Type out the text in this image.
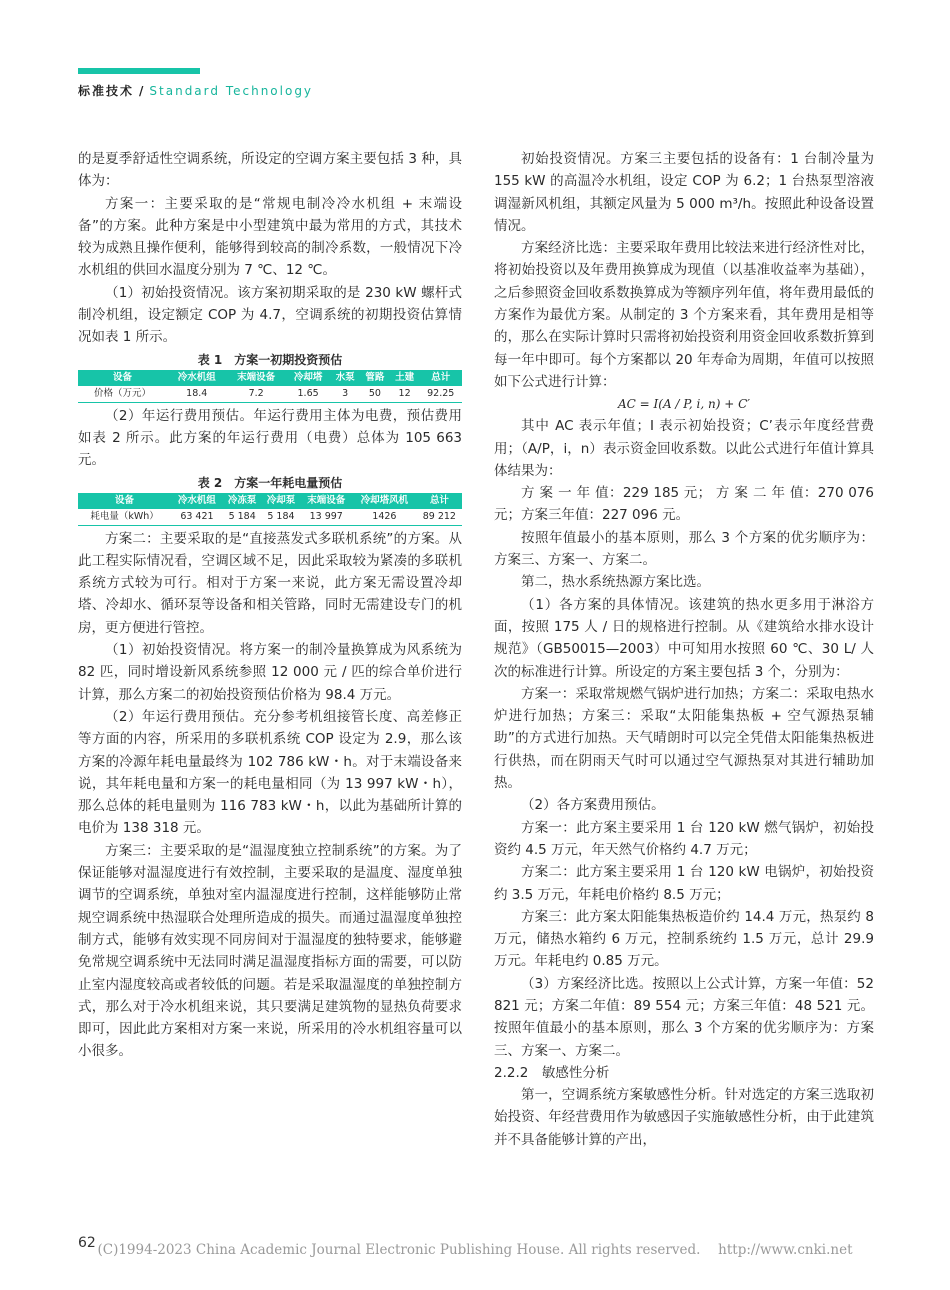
标准技术 / Standard Technology

的是夏季舒适性空调系统，所设定的空调方案主要包括 3 种，具体为：

方案一：主要采取的是“常规电制冷冷水机组 + 末端设备”的方案。此种方案是中小型建筑中最为常用的方式，其技术较为成熟且操作便利，能够得到较高的制冷系数，一般情况下冷水机组的供回水温度分别为 7 ℃、12 ℃。

（1）初始投资情况。该方案初期采取的是 230 kW 螺杆式制冷机组，设定额定 COP 为 4.7，空调系统的初期投资估算情况如表 1 所示。

表 1　方案一初期投资预估
设备	冷水机组	末端设备	冷却塔	水泵	管路	土建	总计
价格（万元）	18.4	7.2	1.65	3	50	12	92.25

（2）年运行费用预估。年运行费用主体为电费，预估费用如表 2 所示。此方案的年运行费用（电费）总体为 105 663 元。

表 2　方案一年耗电量预估
设备	冷水机组	冷冻泵	冷却泵	末端设备	冷却塔风机	总计
耗电量（kWh）	63 421	5 184	5 184	13 997	1426	89 212

方案二：主要采取的是“直接蒸发式多联机系统”的方案。从此工程实际情况看，空调区域不足，因此采取较为紧凑的多联机系统方式较为可行。相对于方案一来说，此方案无需设置冷却塔、冷却水、循环泵等设备和相关管路，同时无需建设专门的机房，更方便进行管控。

（1）初始投资情况。将方案一的制冷量换算成为风系统为 82 匹，同时增设新风系统参照 12 000 元 / 匹的综合单价进行计算，那么方案二的初始投资预估价格为 98.4 万元。

（2）年运行费用预估。充分参考机组接管长度、高差修正等方面的内容，所采用的多联机系统 COP 设定为 2.9，那么该方案的冷源年耗电量最终为 102 786 kW・h。对于末端设备来说，其年耗电量和方案一的耗电量相同（为 13 997 kW・h），那么总体的耗电量则为 116 783 kW・h，以此为基础所计算的电价为 138 318 元。

方案三：主要采取的是“温湿度独立控制系统”的方案。为了保证能够对温湿度进行有效控制，主要采取的是温度、湿度单独调节的空调系统，单独对室内温湿度进行控制，这样能够防止常规空调系统中热湿联合处理所造成的损失。而通过温湿度单独控制方式，能够有效实现不同房间对于温湿度的独特要求，能够避免常规空调系统中无法同时满足温湿度指标方面的需要，可以防止室内湿度较高或者较低的问题。若是采取温湿度的单独控制方式，那么对于冷水机组来说，其只要满足建筑物的显热负荷要求即可，因此此方案相对方案一来说，所采用的冷水机组容量可以小很多。

初始投资情况。方案三主要包括的设备有：1 台制冷量为 155 kW 的高温冷水机组，设定 COP 为 6.2；1 台热泵型溶液调湿新风机组，其额定风量为 5 000 m³/h。按照此种设备设置情况。

方案经济比选：主要采取年费用比较法来进行经济性对比，将初始投资以及年费用换算成为现值（以基准收益率为基础），之后参照资金回收系数换算成为等额序列年值，将年费用最低的方案作为最优方案。从制定的 3 个方案来看，其年费用是相等的，那么在实际计算时只需将初始投资利用资金回收系数折算到每一年中即可。每个方案都以 20 年寿命为周期，年值可以按照如下公式进行计算：

AC = I(A / P, i, n) + C′

其中 AC 表示年值；I 表示初始投资；C’表示年度经营费用；（A/P，i，n）表示资金回收系数。以此公式进行年值计算具体结果为：

方 案 一 年 值：229 185 元； 方 案 二 年 值：270 076 元；方案三年值：227 096 元。

按照年值最小的基本原则，那么 3 个方案的优劣顺序为：方案三、方案一、方案二。

第二，热水系统热源方案比选。

（1）各方案的具体情况。该建筑的热水更多用于淋浴方面，按照 175 人 / 日的规格进行控制。从《建筑给水排水设计规范》（GB50015—2003）中可知用水按照 60 ℃、30 L/ 人次的标准进行计算。所设定的方案主要包括 3 个，分别为：

方案一：采取常规燃气锅炉进行加热；方案二：采取电热水炉进行加热；方案三：采取“太阳能集热板 + 空气源热泵辅助”的方式进行加热。天气晴朗时可以完全凭借太阳能集热板进行供热，而在阴雨天气时可以通过空气源热泵对其进行辅助加热。

（2）各方案费用预估。

方案一：此方案主要采用 1 台 120 kW 燃气锅炉，初始投资约 4.5 万元，年天然气价格约 4.7 万元；

方案二：此方案主要采用 1 台 120 kW 电锅炉，初始投资约 3.5 万元，年耗电价格约 8.5 万元；

方案三：此方案太阳能集热板造价约 14.4 万元，热泵约 8 万元，储热水箱约 6 万元，控制系统约 1.5 万元，总计 29.9 万元。年耗电约 0.85 万元。

（3）方案经济比选。按照以上公式计算，方案一年值：52 821 元；方案二年值：89 554 元；方案三年值：48 521 元。按照年值最小的基本原则，那么 3 个方案的优劣顺序为：方案三、方案一、方案二。

2.2.2　敏感性分析

第一，空调系统方案敏感性分析。针对选定的方案三选取初始投资、年经营费用作为敏感因子实施敏感性分析，由于此建筑并不具备能够计算的产出，

62 (C)1994-2023 China Academic Journal Electronic Publishing House. All rights reserved.　 http://www.cnki.net
